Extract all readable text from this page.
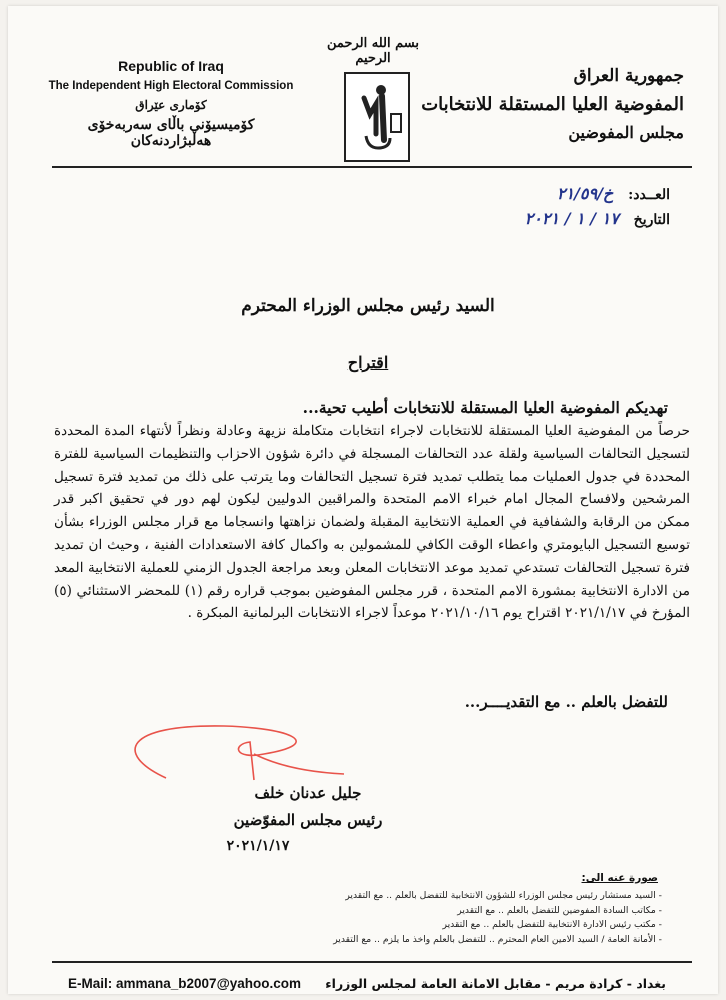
بسم الله الرحمن الرحيم
Republic of Iraq
The Independent High Electoral Commission
كۆماری عێراق
كۆمیسیۆنی باڵای سەربەخۆی هەڵبژاردنەكان
جمهورية العراق
المفوضية العليا المستقلة للانتخابات
مجلس المفوضين
العــدد: خ/٢١/٥٩
التاريخ ١٧ / ١ / ٢٠٢١
السيد رئيس مجلس الوزراء المحترم
اقتراح
تهديكم المفوضية العليا المستقلة للانتخابات أطيب تحية...
حرصاً من المفوضية العليا المستقلة للانتخابات لاجراء انتخابات متكاملة نزيهة وعادلة ونظراً لأنتهاء المدة المحددة لتسجيل التحالفات السياسية ولقلة عدد التحالفات المسجلة في دائرة شؤون الاحزاب والتنظيمات السياسية للفترة المحددة في جدول العمليات مما يتطلب تمديد فترة تسجيل التحالفات وما يترتب على ذلك من تمديد فترة تسجيل المرشحين ولافساح المجال امام خبراء الامم المتحدة والمراقبين الدوليين ليكون لهم دور في تحقيق اكبر قدر ممكن من الرقابة والشفافية في العملية الانتخابية المقبلة ولضمان نزاهتها وانسجاما مع قرار مجلس الوزراء بشأن توسيع التسجيل البايومتري واعطاء الوقت الكافي للمشمولين به واكمال كافة الاستعدادات الفنية ، وحيث ان تمديد فترة تسجيل التحالفات تستدعي تمديد موعد الانتخابات المعلن وبعد مراجعة الجدول الزمني للعملية الانتخابية المعد من الادارة الانتخابية بمشورة الامم المتحدة ، قرر مجلس المفوضين بموجب قراره رقم (١) للمحضر الاستثنائي (٥) المؤرخ في ٢٠٢١/١/١٧ اقتراح يوم ٢٠٢١/١٠/١٦ موعداً لاجراء الانتخابات البرلمانية المبكرة .
للتفضل بالعلم .. مع التقديــــر...
جليل عدنان خلف
رئيس مجلس المفوّضين
٢٠٢١/١/١٧
صورة عنه الى:
- السيد مستشار رئيس مجلس الوزراء للشؤون الانتخابية للتفضل بالعلم .. مع التقدير
- مكاتب السادة المفوضين للتفضل بالعلم .. مع التقدير
- مكتب رئيس الادارة الانتخابية للتفضل بالعلم .. مع التقدير
- الأمانة العامة / السيد الامين العام المحترم .. للتفضل بالعلم واخذ ما يلزم .. مع التقدير
E-Mail: ammana_b2007@yahoo.com بغداد - كرادة مريم - مقابل الامانة العامة لمجلس الوزراء
